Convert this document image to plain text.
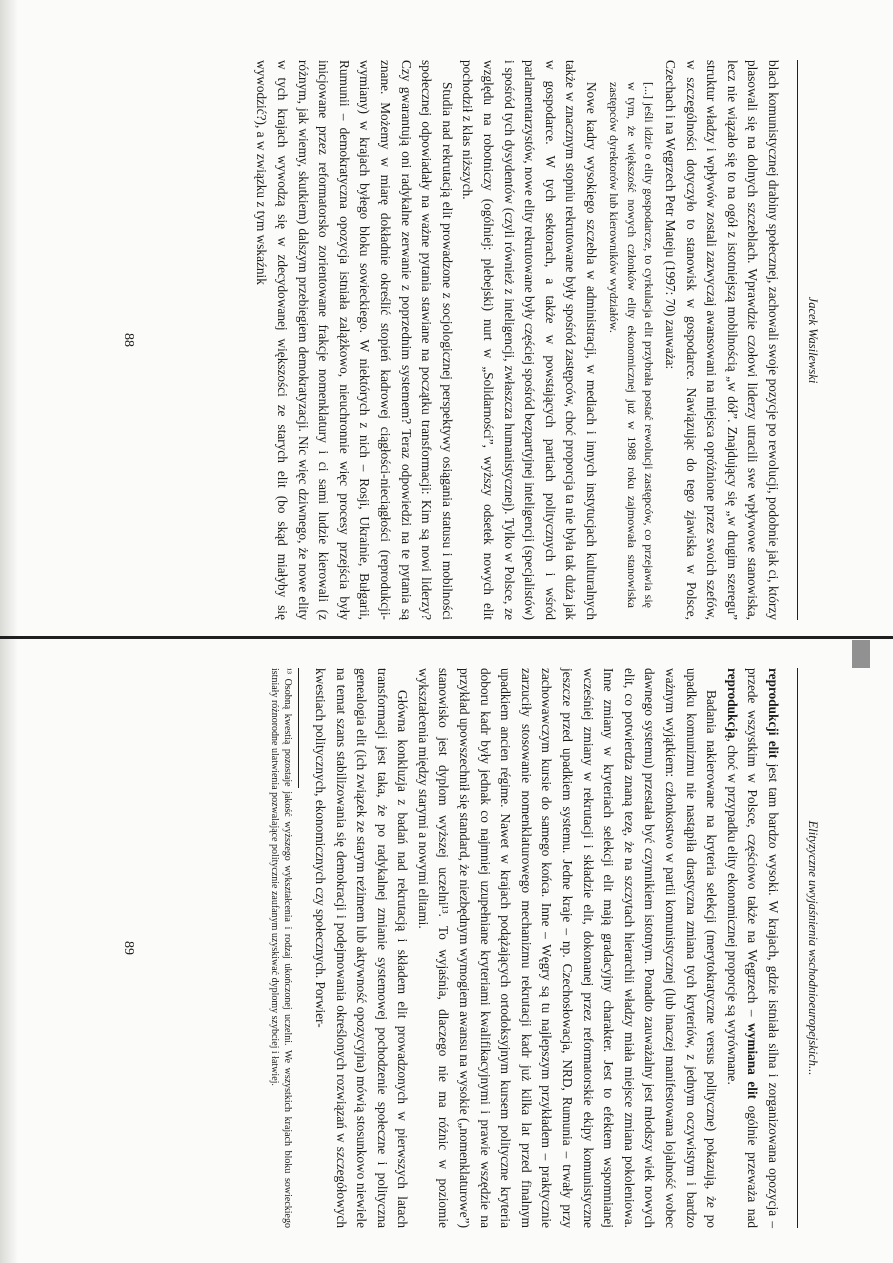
Jacek Wasilewski

blach komunistycznej drabiny społecznej, zachowali swoje pozycje po rewolucji, podobnie jak ci, którzy plasowali się na dolnych szczeblach. Wprawdzie czołowi liderzy utracili swe wpływowe stanowiska, lecz nie wiązało się to na ogół z istotniejszą mobilnością „w dół”. Znajdujący się „w drugim szeregu” struktur władzy i wpływów zostali zazwyczaj awansowani na miejsca opróżnione przez swoich szefów, w szczególności dotyczyło to stanowisk w gospodarce. Nawiązując do tego zjawiska w Polsce, Czechach i na Węgrzech Petr Mateju (1997: 70) zauważa:

[...] jeśli idzie o elity gospodarcze, to cyrkulacja elit przybrała postać rewolucji zastępców, co przejawia się w tym, że większość nowych członków elity ekonomicznej już w 1988 roku zajmowała stanowiska zastępców dyrektorów lub kierowników wydziałów.

Nowe kadry wysokiego szczebla w administracji, w mediach i innych instytucjach kulturalnych także w znacznym stopniu rekrutowane były spośród zastępców, choć proporcja ta nie była tak duża jak w gospodarce. W tych sektorach, a także w powstających partiach politycznych i wśród parlamentarzystów, nowe elity rekrutowane były częściej spośród bezpartyjnej inteligencji (specjalistów) i spośród tych dysydentów (czyli również z inteligencji, zwłaszcza humanistycznej). Tylko w Polsce, ze względu na robotniczy (ogólniej: plebejski) nurt w „Solidarności”, wyższy odsetek nowych elit pochodził z klas niższych.

Studia nad rekrutacją elit prowadzone z socjologicznej perspektywy osiągania statusu i mobilności społecznej odpowiadały na ważne pytania stawiane na początku transformacji: Kim są nowi liderzy? Czy gwarantują oni radykalne zerwanie z poprzednim systemem? Teraz odpowiedzi na te pytania są znane. Możemy w miarę dokładnie określić stopień kadrowej ciągłości-nieciągłości (reprodukcji-wymiany) w krajach byłego bloku sowieckiego. W niektórych z nich – Rosji, Ukrainie, Bułgarii, Rumunii – demokratyczna opozycja istniała zalążkowo, nieuchronnie więc procesy przejścia były inicjowane przez reformatorsko zorientowane frakcje nomenklatury i ci sami ludzie kierowali (z różnym, jak wiemy, skutkiem) dalszym przebiegiem demokratyzacji. Nic więc dziwnego, że nowe elity w tych krajach wywodzą się w zdecydowanej większości ze starych elit (bo skąd miałyby się wywodzić?), a w związku z tym wskaźnik

88
Elityzyczne uwyjaśnienia wschodnioeuropejskich...

reprodukcji elit jest tam bardzo wysoki. W krajach, gdzie istniała silna i zorganizowana opozycja – przede wszystkim w Polsce, częściowo także na Węgrzech – wymiana elit ogólnie przeważa nad reprodukcją, choć w przypadku elity ekonomicznej proporcje są wyrównane.

Badania nakierowane na kryteria selekcji (merytokratyczne versus polityczne) pokazują, że po upadku komunizmu nie nastąpiła drastyczna zmiana tych kryteriów, z jednym oczywistym i bardzo ważnym wyjątkiem: członkostwo w partii komunistycznej (lub inaczej manifestowana lojalność wobec dawnego systemu) przestała być czynnikiem istotnym. Ponadto zauważalny jest młodszy wiek nowych elit, co potwierdza znaną tezę, że na szczytach hierarchii władzy miała miejsce zmiana pokoleniowa. Inne zmiany w kryteriach selekcji elit mają gradacyjny charakter. Jest to efektem wspomnianej wcześniej zmiany w rekrutacji i składzie elit, dokonanej przez reformatorskie ekipy komunistyczne jeszcze przed upadkiem systemu. Jedne kraje – np. Czechosłowacja, NRD, Rumunia – trwały przy zachowawczym kursie do samego końca. Inne – Węgry są tu najlepszym przykładem – praktycznie zarzuciły stosowanie nomenklaturowego mechanizmu rekrutacji kadr już kilka lat przed finalnym upadkiem ancien régime. Nawet w krajach podążających ortodoksyjnym kursem polityczne kryteria doboru kadr były jednak co najmniej uzupełniane kryteriami kwalifikacyjnymi i prawie wszędzie na przykład upowszechnił się standard, że niezbędnym wymogiem awansu na wysokie („nomenklaturowe”) stanowisko jest dyplom wyższej uczelni¹³. To wyjaśnia, dlaczego nie ma różnic w poziomie wykształcenia między starymi a nowymi elitami.

Główna konkluzja z badań nad rekrutacją i składem elit prowadzonych w pierwszych latach transformacji jest taka, że po radykalnej zmianie systemowej pochodzenie społeczne i polityczna genealogia elit (ich związek ze starym reżimem lub aktywność opozycyjna) mówią stosunkowo niewiele na temat szans stabilizowania się demokracji i podejmowania określonych rozwiązań w szczegółowych kwestiach politycznych, ekonomicznych czy społecznych. Porwier-

¹³ Osobną kwestią pozostaje jakość wyższego wykształcenia i rodzaj ukończonej uczelni. We wszystkich krajach bloku sowieckiego istniały różnorodne ulatwienia pozwalające politycznie zaufanym uzyskiwać dyplomy szybciej i łatwiej.
89
